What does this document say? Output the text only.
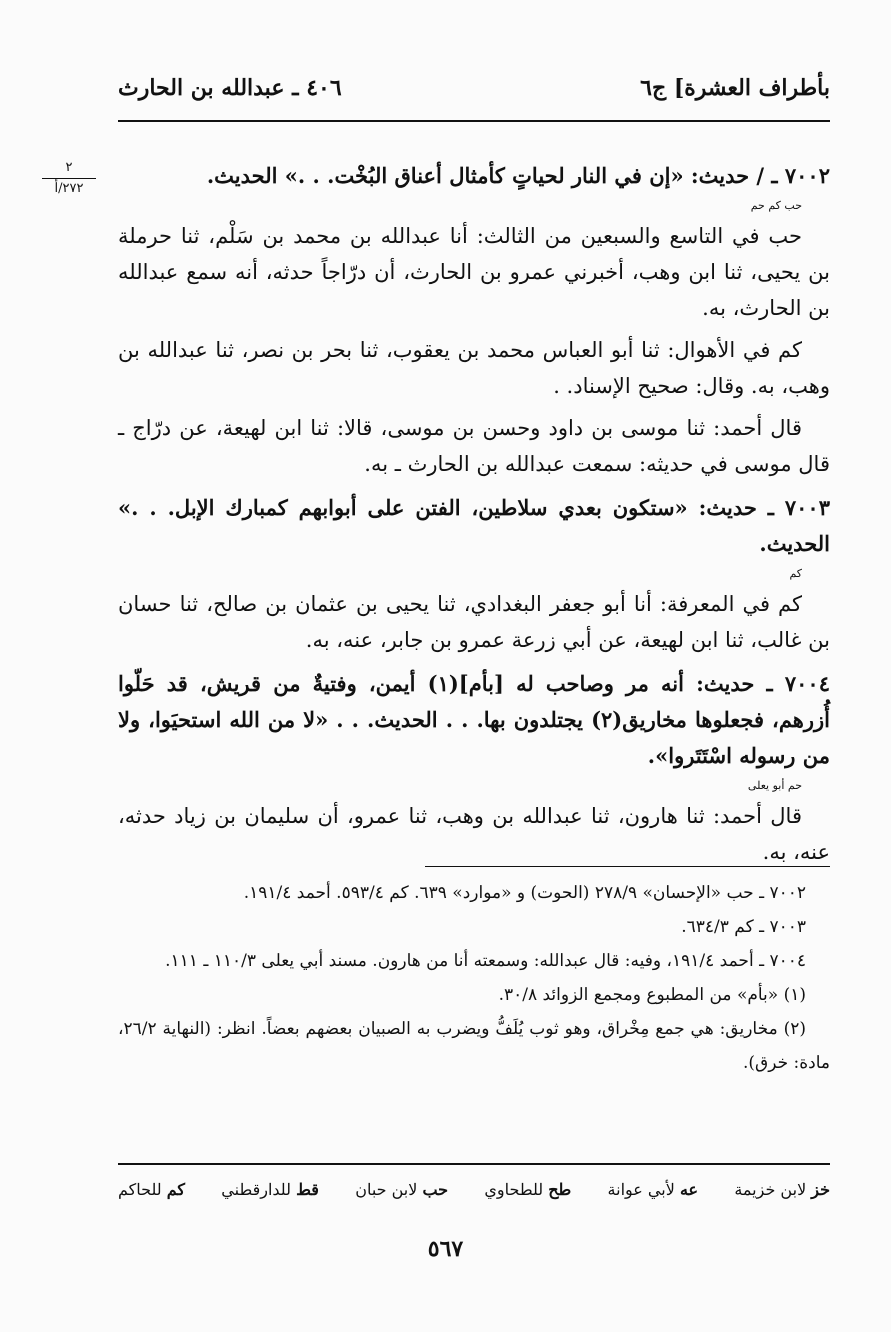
بأطراف العشرة] ج٦
٤٠٦ ـ عبدالله بن الحارث
٢
٢٧٢/أ

٧٠٠٢ ـ / حديث: «إن في النار لحياتٍ كأمثال أعناق البُخْت. . .» الحديث.

حب كم حم

حب في التاسع والسبعين من الثالث: أنا عبدالله بن محمد بن سَلْم، ثنا حرملة بن يحيى، ثنا ابن وهب، أخبرني عمرو بن الحارث، أن درّاجاً حدثه، أنه سمع عبدالله بن الحارث، به.

كم في الأهوال: ثنا أبو العباس محمد بن يعقوب، ثنا بحر بن نصر، ثنا عبدالله بن وهب، به. وقال: صحيح الإسناد. .

قال أحمد: ثنا موسى بن داود وحسن بن موسى، قالا: ثنا ابن لهيعة، عن درّاج ـ قال موسى في حديثه: سمعت عبدالله بن الحارث ـ به.

٧٠٠٣ ـ حديث: «ستكون بعدي سلاطين، الفتن على أبوابهم كمبارك الإبل. . .» الحديث.

كم

كم في المعرفة: أنا أبو جعفر البغدادي، ثنا يحيى بن عثمان بن صالح، ثنا حسان بن غالب، ثنا ابن لهيعة، عن أبي زرعة عمرو بن جابر، عنه، به.

٧٠٠٤ ـ حديث: أنه مر وصاحب له [بأم](١) أيمن، وفتيةٌ من قريش، قد حَلّوا أُزرهم، فجعلوها مخاريق(٢) يجتلدون بها. . . الحديث. . . «لا من الله استحيَوا، ولا من رسوله اسْتَتَروا».

حم أبو يعلى

قال أحمد: ثنا هارون، ثنا عبدالله بن وهب، ثنا عمرو، أن سليمان بن زياد حدثه، عنه، به.

٧٠٠٢ ـ حب «الإحسان» ٢٧٨/٩ (الحوت) و «موارد» ٦٣٩. كم ٥٩٣/٤. أحمد ١٩١/٤.

٧٠٠٣ ـ كم ٦٣٤/٣.

٧٠٠٤ ـ أحمد ١٩١/٤، وفيه: قال عبدالله: وسمعته أنا من هارون. مسند أبي يعلى ١١٠/٣ ـ ١١١.

(١) «بأم» من المطبوع ومجمع الزوائد ٣٠/٨.

(٢) مخاريق: هي جمع مِخْراق، وهو ثوب يُلَفُّ ويضرب به الصبيان بعضهم بعضاً. انظر: (النهاية ٢٦/٢، مادة: خرق).

خز لابن خزيمة
عه لأبي عوانة
طح للطحاوي
حب لابن حبان
قط للدارقطني
كم للحاكم
٥٦٧
